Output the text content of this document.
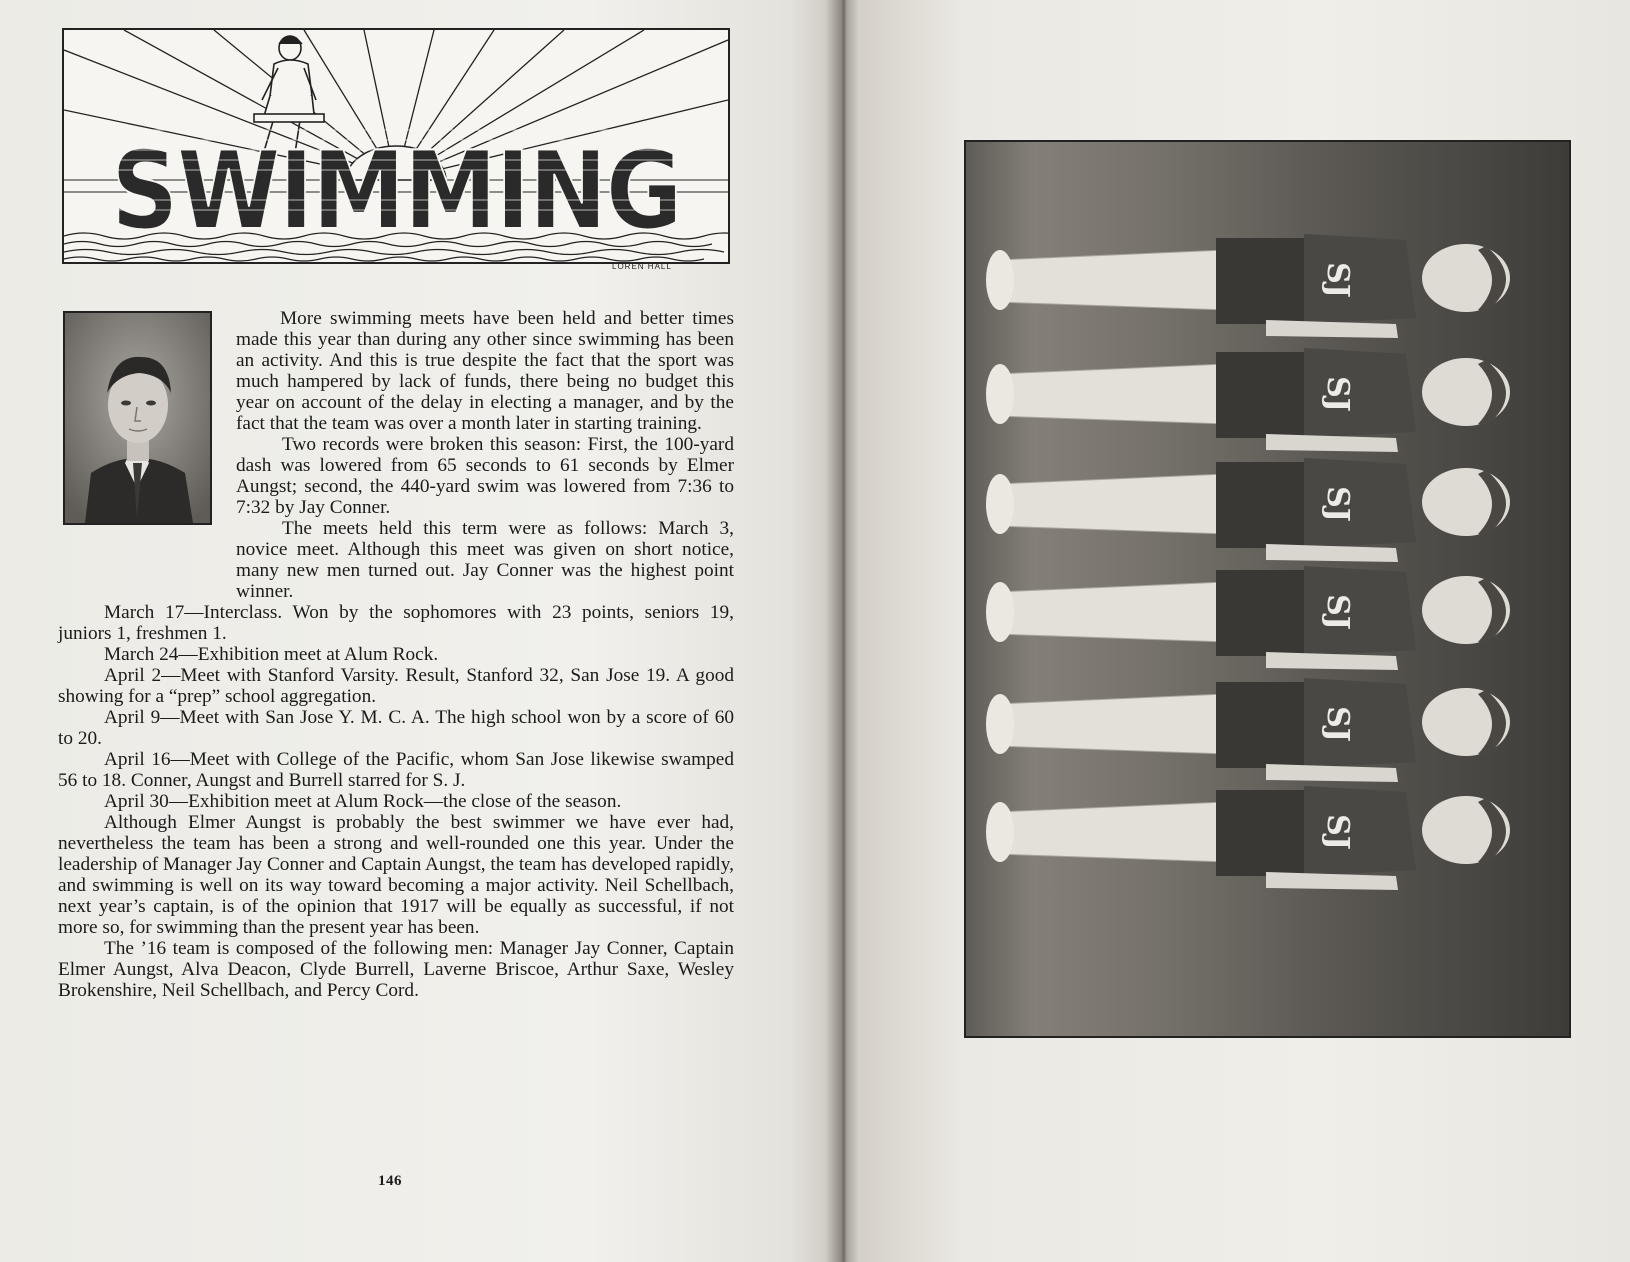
SWIMMING
LOREN HALL

More swimming meets have been held and better times made this year than during any other since swimming has been an activity. And this is true despite the fact that the sport was much hampered by lack of funds, there being no budget this year on account of the delay in electing a manager, and by the fact that the team was over a month later in starting training.

Two records were broken this season: First, the 100-yard dash was lowered from 65 seconds to 61 seconds by Elmer Aungst; second, the 440-yard swim was lowered from 7:36 to 7:32 by Jay Conner.

The meets held this term were as follows: March 3, novice meet. Although this meet was given on short notice, many new men turned out. Jay Conner was the highest point winner.

March 17—Interclass. Won by the sophomores with 23 points, seniors 19, juniors 1, freshmen 1.

March 24—Exhibition meet at Alum Rock.

April 2—Meet with Stanford Varsity. Result, Stanford 32, San Jose 19. A good showing for a “prep” school aggregation.

April 9—Meet with San Jose Y. M. C. A. The high school won by a score of 60 to 20.

April 16—Meet with College of the Pacific, whom San Jose likewise swamped 56 to 18. Conner, Aungst and Burrell starred for S. J.

April 30—Exhibition meet at Alum Rock—the close of the season.

Although Elmer Aungst is probably the best swimmer we have ever had, nevertheless the team has been a strong and well-rounded one this year. Under the leadership of Manager Jay Conner and Captain Aungst, the team has developed rapidly, and swimming is well on its way toward becoming a major activity. Neil Schellbach, next year’s captain, is of the opinion that 1917 will be equally as successful, if not more so, for swimming than the present year has been.

The ’16 team is composed of the following men: Manager Jay Conner, Captain Elmer Aungst, Alva Deacon, Clyde Burrell, Laverne Briscoe, Arthur Saxe, Wesley Brokenshire, Neil Schellbach, and Percy Cord.

146
SJ
SJ
SJ
SJ
SJ
SJ
